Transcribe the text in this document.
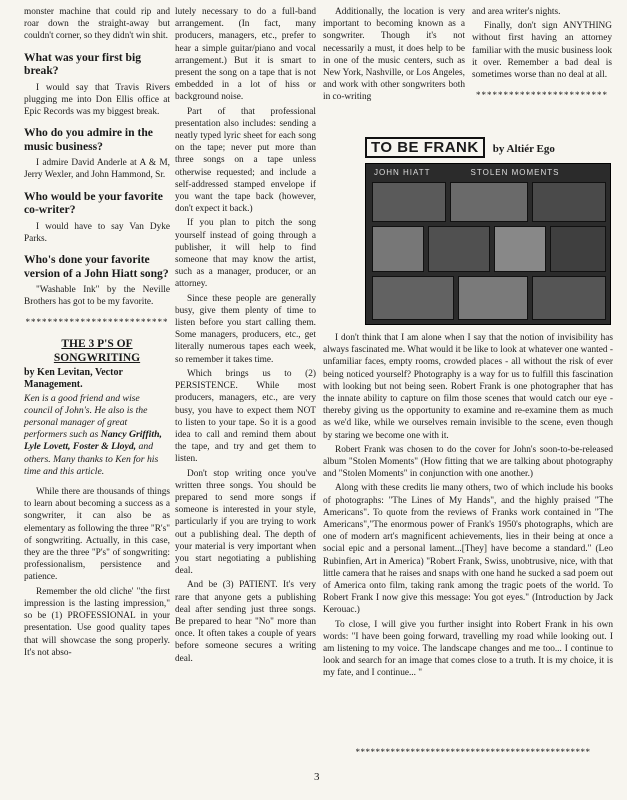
monster machine that could rip and roar down the straight-away but couldn't corner, so they didn't win shit.

What was your first big break?

I would say that Travis Rivers plugging me into Don Ellis office at Epic Records was my biggest break.

Who do you admire in the music business?

I admire David Anderle at A & M, Jerry Wexler, and John Hammond, Sr.

Who would be your favorite co-writer?

I would have to say Van Dyke Parks.

Who's done your favorite version of a John Hiatt song?

"Washable Ink" by the Neville Brothers has got to be my favorite.

**************************
THE 3 P'S OF
SONGWRITING
by Ken Levitan, Vector Management.
Ken is a good friend and wise council of John's. He also is the personal manager of great performers such as Nancy Griffith, Lyle Lovett, Foster & Lloyd, and others. Many thanks to Ken for his time and this article.

While there are thousands of things to learn about becoming a success as a songwriter, it can also be as elementary as following the three "R's" of songwriting. Actually, in this case, they are the three "P's" of songwriting: professionalism, persistence and patience.

Remember the old cliche' "the first impression is the lasting impression," so be (1) PROFESSIONAL in your presentation. Use good quality tapes that will showcase the song properly. It's not abso-

lutely necessary to do a full-band arrangement. (In fact, many producers, managers, etc., prefer to hear a simple guitar/piano and vocal arrangement.) But it is smart to present the song on a tape that is not embedded in a lot of hiss or background noise.

Part of that professional presentation also includes: sending a neatly typed lyric sheet for each song on the tape; never put more than three songs on a tape unless otherwise requested; and include a self-addressed stamped envelope if you want the tape back (however, don't expect it back.)

If you plan to pitch the song yourself instead of going through a publisher, it will help to find someone that may know the artist, such as a manager, producer, or an attorney.

Since these people are generally busy, give them plenty of time to listen before you start calling them. Some managers, producers, etc., get literally numerous tapes each week, so remember it takes time.

Which brings us to (2) PERSISTENCE. While most producers, managers, etc., are very busy, you have to expect them NOT to listen to your tape. So it is a good idea to call and remind them about the tape, and try and get them to listen.

Don't stop writing once you've written three songs. You should be prepared to send more songs if someone is interested in your style, particularly if you are trying to work out a publishing deal. The depth of your material is very important when you start negotiating a publishing deal.

And be (3) PATIENT. It's very rare that anyone gets a publishing deal after sending just three songs. Be prepared to hear "No" more than once. It often takes a couple of years before someone secures a writing deal.

Additionally, the location is very important to becoming known as a songwriter. Though it's not necessarily a must, it does help to be in one of the music centers, such as New York, Nashville, or Los Angeles, and work with other songwriters both in co-writing

and area writer's nights.

Finally, don't sign ANYTHING without first having an attorney familiar with the music business look it over. Remember a bad deal is sometimes worse than no deal at all.

************************
TO BE FRANK by Altiér Ego
JOHN HIATT	STOLEN MOMENTS

I don't think that I am alone when I say that the notion of invisibility has always fascinated me. What would it be like to look at whatever one wanted - unfamiliar faces, empty rooms, crowded places - all without the risk of ever being noticed yourself? Photography is a way for us to fulfill this fascination with looking but not being seen. Robert Frank is one photographer that has the innate ability to capture on film those scenes that would catch our eye - thereby giving us the opportunity to examine and re-examine them as much as we'd like, while we ourselves remain invisible to the scene, even though by staring we become one with it.

Robert Frank was chosen to do the cover for John's soon-to-be-released album "Stolen Moments" (How fitting that we are talking about photography and "Stolen Moments" in conjunction with one another.)

Along with these credits lie many others, two of which include his books of photographs: "The Lines of My Hands", and the highly praised "The Americans". To quote from the reviews of Franks work contained in "The Americans","The enormous power of Frank's 1950's photographs, which are one of modern art's magnificent achievements, lies in their being at once a social epic and a personal lament...[They] have become a standard." (Leo Rubinfien, Art in America) "Robert Frank, Swiss, unobtrusive, nice, with that little camera that he raises and snaps with one hand he sucked a sad poem out of America onto film, taking rank among the tragic poets of the world. To Robert Frank I now give this message: You got eyes." (Introduction by Jack Kerouac.)

To close, I will give you further insight into Robert Frank in his own words: "I have been going forward, travelling my road while looking out. I am listening to my voice. The landscape changes and me too... I continue to look and search for an image that comes close to a truth. It is my choice, it is my fate, and I continue... "

***********************************************
3
